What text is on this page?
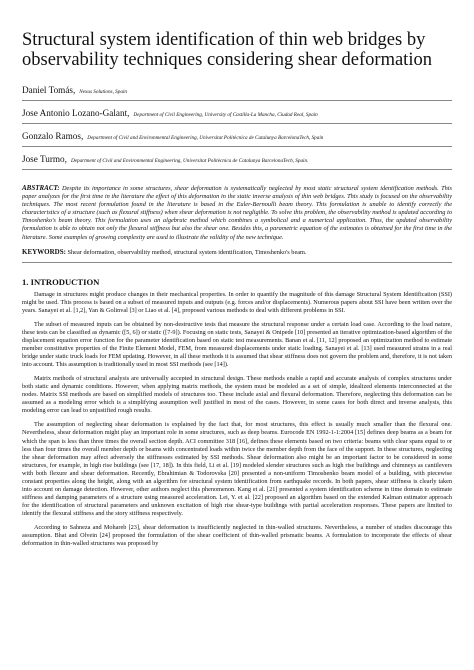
Structural system identification of thin web bridges by observability techniques considering shear deformation
Daniel Tomás, Nexus Solutions, Spain
Jose Antonio Lozano-Galant, Department of Civil Engineering, University of Castilla-La Mancha, Ciudad Real, Spain
Gonzalo Ramos, Department of Civil and Environmental Engineering, Universitat Politècnica de Catalunya BarcelonaTech, Spain
Jose Turmo, Department of Civil and Environmental Engineering, Universitat Politècnica de Catalunya BarcelonaTech, Spain.
ABSTRACT: Despite its importance in some structures, shear deformation is systematically neglected by most static structural system identification methods. This paper analyzes for the first time in the literature the effect of this deformation in the static inverse analysis of thin web bridges. This study is focused on the observability techniques. The most recent formulation found in the literature is based in the Euler-Bernoulli beam theory. This formulation is unable to identify correctly the characteristics of a structure (such as flexural stiffness) when shear deformation is not negligible. To solve this problem, the observability method is updated according to Timoshenko's beam theory. This formulation uses an algebraic method which combines a symbolical and a numerical application. Thus, the updated observability formulation is able to obtain not only the flexural stiffness but also the shear one. Besides this, a parametric equation of the estimates is obtained for the first time in the literature. Some examples of growing complexity are used to illustrate the validity of the new technique.
KEYWORDS: Shear deformation, observability method, structural system identification, Timoshenko's beam.
1. INTRODUCTION

Damage in structures might produce changes in their mechanical properties. In order to quantify the magnitude of this damage Structural System Identification (SSI) might be used. This process is based on a subset of measured inputs and outputs (e.g. forces and/or displacements). Numerous papers about SSI have been written over the years. Sanayei et al. [1,2], Yan & Golinval [3] or Liao et al. [4], proposed various methods to deal with different problems in SSI.

The subset of measured inputs can be obtained by non-destructive tests that measure the structural response under a certain load case. According to the load nature, these tests can be classified as dynamic ([5, 6]) or static ([7-9]). Focusing on static tests, Sanayei & Onipede [10] presented an iterative optimization-based algorithm of the displacement equation error function for the parameter identification based on static test measurements. Banan et al. [11, 12] proposed an optimization method to estimate member constitutive properties of the Finite Element Model, FEM, from measured displacements under static loading. Sanayei et al. [13] used measured strains in a real bridge under static truck loads for FEM updating. However, in all these methods it is assumed that shear stiffness does not govern the problem and, therefore, it is not taken into account. This assumption is traditionally used in most SSI methods (see [14]).

Matrix methods of structural analysis are universally accepted in structural design. These methods enable a rapid and accurate analysis of complex structures under both static and dynamic conditions. However, when applying matrix methods, the system must be modeled as a set of simple, idealized elements interconnected at the nodes. Matrix SSI methods are based on simplified models of structures too. These include axial and flexural deformation. Therefore, neglecting this deformation can be assumed as a modeling error which is a simplifying assumption well justified in most of the cases. However, in some cases for both direct and inverse analysis, this modeling error can lead to unjustified rough results.

The assumption of neglecting shear deformation is explained by the fact that, for most structures, this effect is usually much smaller than the flexural one. Nevertheless, shear deformation might play an important role in some structures, such as deep beams. Eurocode EN 1992-1-1:2004 [15] defines deep beams as a beam for which the span is less than three times the overall section depth. ACI committee 318 [16], defines these elements based on two criteria: beams with clear spans equal to or less than four times the overall member depth or beams with concentrated loads within twice the member depth from the face of the support. In these structures, neglecting the shear deformation may affect adversely the stiffnesses estimated by SSI methods. Shear deformation also might be an important factor to be considered in some structures, for example, in high rise buildings (see [17, 18]). In this field, Li et al. [19] modeled slender structures such as high rise buildings and chimneys as cantilevers with both flexure and shear deformation. Recently, Ebrahimian & Todorovska [20] presented a non-uniform Timoshenko beam model of a building, with piecewise constant properties along the height, along with an algorithm for structural system identification from earthquake records. In both papers, shear stiffness is clearly taken into account on damage detection. However, other authors neglect this phenomenon. Kang et al. [21] presented a system identification scheme in time domain to estimate stiffness and damping parameters of a structure using measured acceleration. Lei, Y. et al. [22] proposed an algorithm based on the extended Kalman estimator approach for the identification of structural parameters and unknown excitation of high rise shear-type buildings with partial acceleration responses. These papers are limited to identify the flexural stiffness and the story stiffness respectively.

According to Sahneza and Mohareb [23], shear deformation is insufficiently neglected in thin-walled structures. Nevertheless, a number of studies discourage this assumption. Bhat and Olvein [24] proposed the formulation of the shear coefficient of thin-walled prismatic beams. A formulation to incorporate the effects of shear deformation in thin-walled structures was proposed by
